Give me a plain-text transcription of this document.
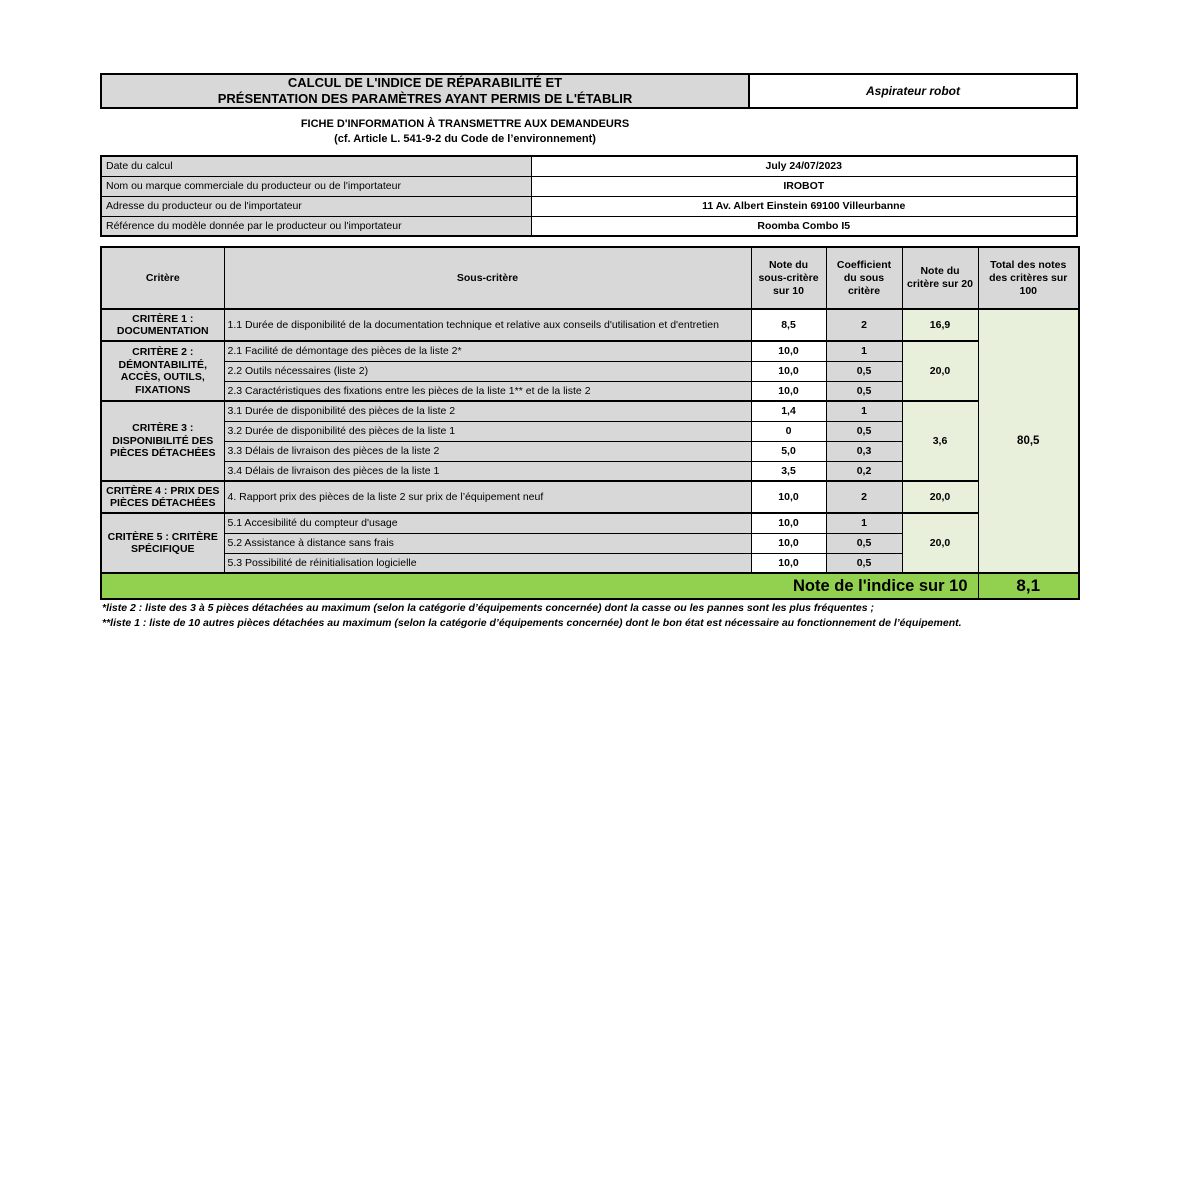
CALCUL DE L'INDICE DE RÉPARABILITÉ ET
PRÉSENTATION DES PARAMÈTRES AYANT PERMIS DE L'ÉTABLIR	Aspirateur robot
FICHE D'INFORMATION À TRANSMETTRE AUX DEMANDEURS
(cf. Article L. 541-9-2 du Code de l’environnement)
Date du calcul	July 24/07/2023
Nom ou marque commerciale du producteur ou de l'importateur	IROBOT
Adresse du producteur ou de l'importateur	11 Av. Albert Einstein 69100 Villeurbanne
Référence du modèle donnée par le producteur ou l'importateur	Roomba Combo I5
Critère	Sous-critère	Note du sous-critère sur 10	Coefficient du sous critère	Note du critère sur 20	Total des notes des critères sur 100
CRITÈRE 1 : DOCUMENTATION	1.1 Durée de disponibilité de la documentation technique et relative aux conseils d'utilisation et d'entretien	8,5	2	16,9	80,5
CRITÈRE 2 : DÉMONTABILITÉ, ACCÈS, OUTILS, FIXATIONS	2.1 Facilité de démontage des pièces de la liste 2*	10,0	1	20,0	
	2.2 Outils nécessaires (liste 2)	10,0	0,5		
	2.3 Caractéristiques des fixations entre les pièces de la liste 1** et de la liste 2	10,0	0,5		
CRITÈRE 3 : DISPONIBILITÉ DES PIÈCES DÉTACHÉES	3.1 Durée de disponibilité des pièces de la liste 2	1,4	1	3,6	
	3.2 Durée de disponibilité des pièces de la liste 1	0	0,5		
	3.3 Délais de livraison des pièces de la liste 2	5,0	0,3		
	3.4 Délais de livraison des pièces de la liste 1	3,5	0,2		
CRITÈRE 4 : PRIX DES PIÈCES DÉTACHÉES	4. Rapport prix des pièces de la liste 2 sur prix de l’équipement neuf	10,0	2	20,0	
CRITÈRE 5 : CRITÈRE SPÉCIFIQUE	5.1 Accesibilité du compteur d'usage	10,0	1	20,0	
	5.2 Assistance à distance sans frais	10,0	0,5		
	5.3 Possibilité de réinitialisation logicielle	10,0	0,5		
Note de l'indice sur 10					8,1
*liste 2 : liste des 3 à 5 pièces détachées au maximum (selon la catégorie d’équipements concernée) dont la casse ou les pannes sont les plus fréquentes ;
**liste 1 : liste de 10 autres pièces détachées au maximum (selon la catégorie d’équipements concernée) dont le bon état est nécessaire au fonctionnement de l’équipement.
